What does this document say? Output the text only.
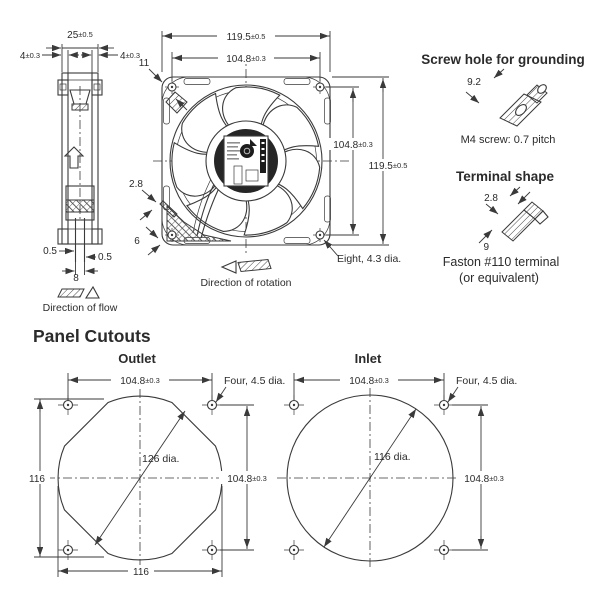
25±0.5
4±0.3	4±0.3
0.5
0.5
8
Direction of flow
119.5±0.5
104.8±0.3
11
2.8
6
104.8±0.3
119.5±0.5
Eight, 4.3 dia.
Direction of rotation
Screw hole for grounding
9.2
M4 screw: 0.7 pitch
Terminal shape
2.8
9
Faston #110 terminal
(or equivalent)
Panel Cutouts
Outlet
126 dia.
104.8±0.3	Four, 4.5 dia.
116	104.8±0.3
116
Inlet
116 dia.
104.8±0.3	Four, 4.5 dia.
104.8±0.3
